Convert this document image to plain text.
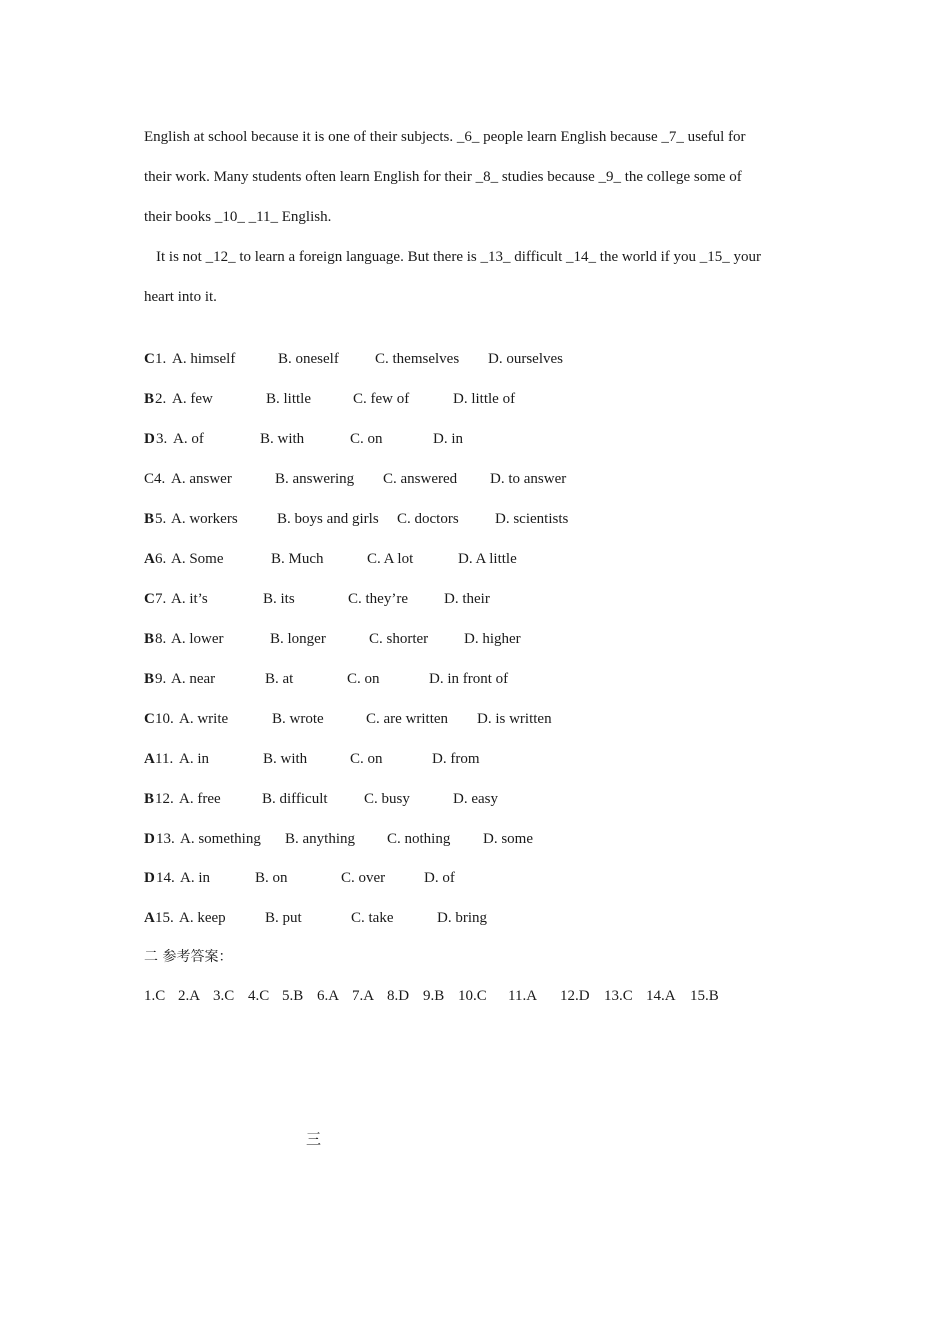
English at school because it is one of their subjects. _6_ people learn English because _7_ useful for
their work. Many students often learn English for their _8_ studies because _9_ the college some of
their books _10_ _11_ English.
It is not _12_ to learn a foreign language. But there is _13_ difficult _14_ the world if you _15_ your
heart into it.
C 1. A. himself	B. oneself C. themselves D. ourselves
B 2. A. few	B. little	C. few of	D. little of
D 3. A. of	B. with	C. on	D. in
C 4. A. answer	B. answering C. answered D. to answer
B 5. A. workers	B. boys and girls C. doctors D. scientists
A 6. A. Some	B. Much	C. A lot	D. A little
C 7. A. it’s	B. its	C. they’re D. their
B 8. A. lower	B. longer	C. shorter D. higher
B 9. A. near	B. at	C. on	D. in front of
C 10. A. write	B. wrote	C. are written D. is written
A 11. A. in	B. with	C. on	D. from
B 12. A. free	B. difficult C. busy	D. easy
D 13. A. something B. anything C. nothing D. some
D 14. A. in	B. on	C. over	D. of
A 15. A. keep	B. put	C. take	D. bring
二 参考答案：
1.C 2.A 3.C 4.C 5.B 6.A 7.A 8.D 9.B 10.C 11.A 12.D 13.C 14.A 15.B
三
